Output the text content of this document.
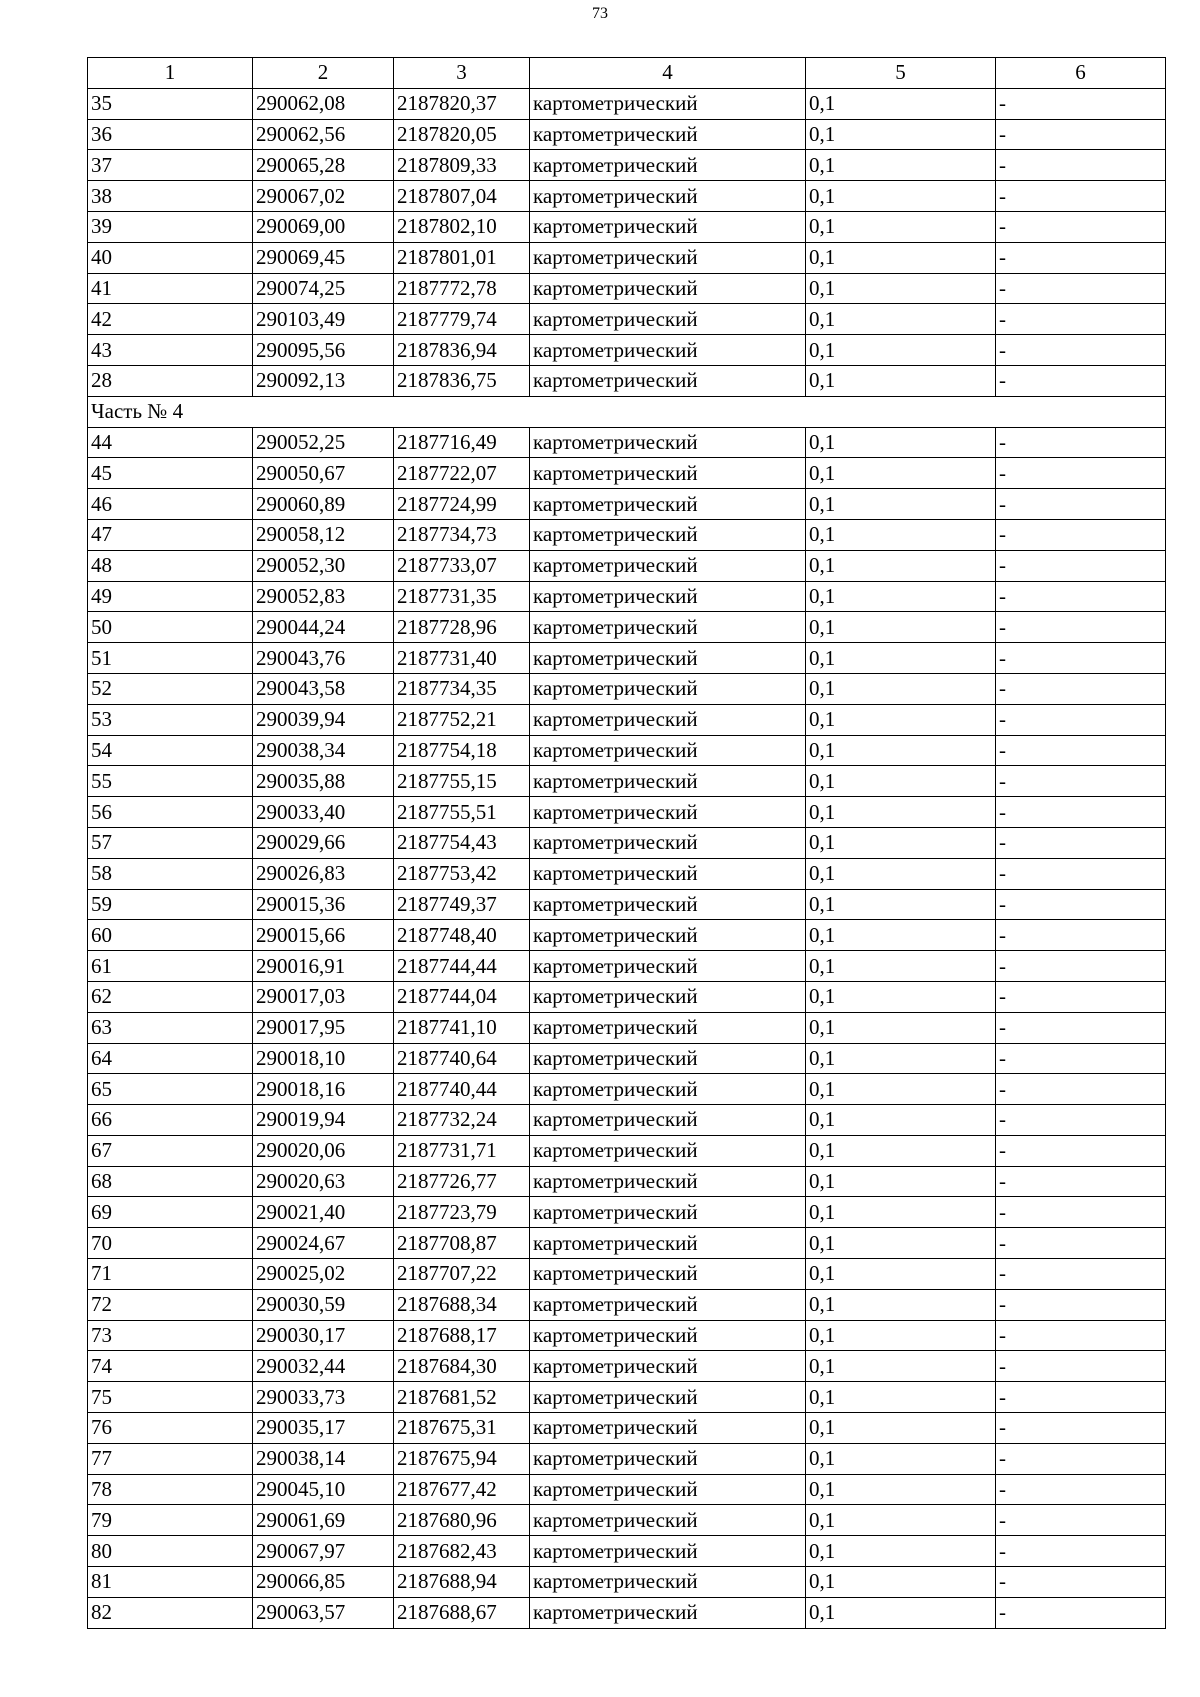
73
1	2	3	4	5	6
35	290062,08	2187820,37	картометрический	0,1	-
36	290062,56	2187820,05	картометрический	0,1	-
37	290065,28	2187809,33	картометрический	0,1	-
38	290067,02	2187807,04	картометрический	0,1	-
39	290069,00	2187802,10	картометрический	0,1	-
40	290069,45	2187801,01	картометрический	0,1	-
41	290074,25	2187772,78	картометрический	0,1	-
42	290103,49	2187779,74	картометрический	0,1	-
43	290095,56	2187836,94	картометрический	0,1	-
28	290092,13	2187836,75	картометрический	0,1	-
Часть № 4					
44	290052,25	2187716,49	картометрический	0,1	-
45	290050,67	2187722,07	картометрический	0,1	-
46	290060,89	2187724,99	картометрический	0,1	-
47	290058,12	2187734,73	картометрический	0,1	-
48	290052,30	2187733,07	картометрический	0,1	-
49	290052,83	2187731,35	картометрический	0,1	-
50	290044,24	2187728,96	картометрический	0,1	-
51	290043,76	2187731,40	картометрический	0,1	-
52	290043,58	2187734,35	картометрический	0,1	-
53	290039,94	2187752,21	картометрический	0,1	-
54	290038,34	2187754,18	картометрический	0,1	-
55	290035,88	2187755,15	картометрический	0,1	-
56	290033,40	2187755,51	картометрический	0,1	-
57	290029,66	2187754,43	картометрический	0,1	-
58	290026,83	2187753,42	картометрический	0,1	-
59	290015,36	2187749,37	картометрический	0,1	-
60	290015,66	2187748,40	картометрический	0,1	-
61	290016,91	2187744,44	картометрический	0,1	-
62	290017,03	2187744,04	картометрический	0,1	-
63	290017,95	2187741,10	картометрический	0,1	-
64	290018,10	2187740,64	картометрический	0,1	-
65	290018,16	2187740,44	картометрический	0,1	-
66	290019,94	2187732,24	картометрический	0,1	-
67	290020,06	2187731,71	картометрический	0,1	-
68	290020,63	2187726,77	картометрический	0,1	-
69	290021,40	2187723,79	картометрический	0,1	-
70	290024,67	2187708,87	картометрический	0,1	-
71	290025,02	2187707,22	картометрический	0,1	-
72	290030,59	2187688,34	картометрический	0,1	-
73	290030,17	2187688,17	картометрический	0,1	-
74	290032,44	2187684,30	картометрический	0,1	-
75	290033,73	2187681,52	картометрический	0,1	-
76	290035,17	2187675,31	картометрический	0,1	-
77	290038,14	2187675,94	картометрический	0,1	-
78	290045,10	2187677,42	картометрический	0,1	-
79	290061,69	2187680,96	картометрический	0,1	-
80	290067,97	2187682,43	картометрический	0,1	-
81	290066,85	2187688,94	картометрический	0,1	-
82	290063,57	2187688,67	картометрический	0,1	-
